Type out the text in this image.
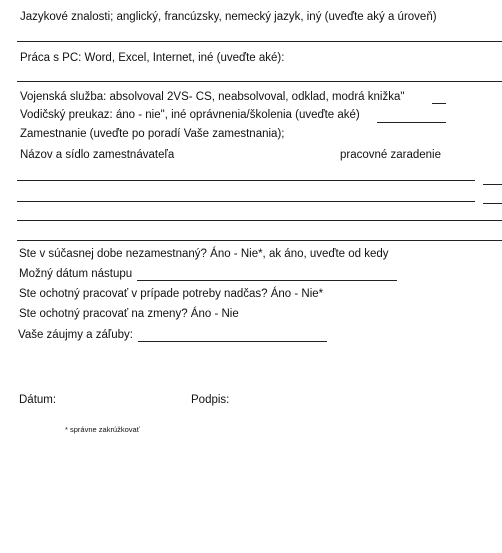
Jazykové znalosti; anglický, francúzsky, nemecký jazyk, iný (uveďte aký a úroveň)
Práca s PC: Word, Excel, Internet, iné (uveďte aké):
Vojenská služba: absolvoval 2VS- CS, neabsolvoval, odklad, modrá knižka"
Vodičský preukaz: áno - nie", iné oprávnenia/školenia (uveďte aké)
Zamestnanie (uveďte po poradí Vaše zamestnania);
Názov a sídlo zamestnávateľa	pracovné zaradenie
Ste v súčasnej dobe nezamestnaný? Áno - Nie*, ak áno, uveďte od kedy
Možný dátum nástupu
Ste ochotný pracovať v prípade potreby nadčas? Áno - Nie*
Ste ochotný pracovať na zmeny? Áno - Nie
Vaše záujmy a záľuby:
Dátum:	Podpis:
* správne zakrúžkovať
